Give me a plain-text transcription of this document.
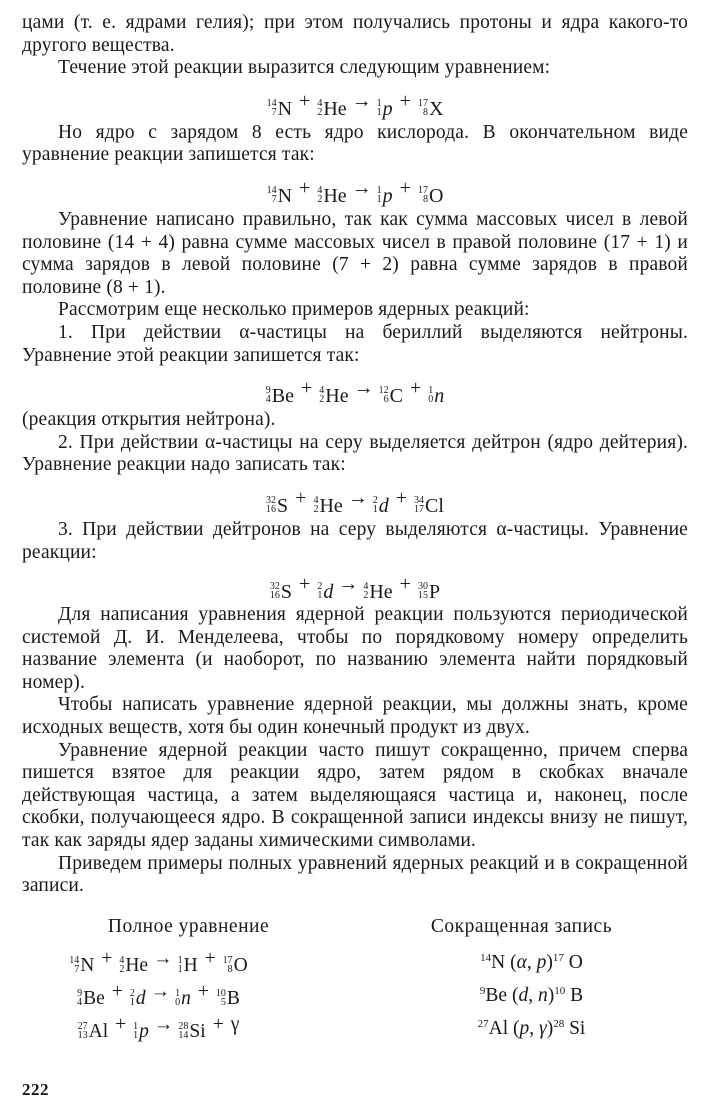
цами (т. е. ядрами гелия); при этом получались протоны и ядра какого-то другого вещества.

Течение этой реакции выразится следующим уравнением:

14
7 N + 4
2 He → 1
1 p + 17
8 X

Но ядро с зарядом 8 есть ядро кислорода. В окончательном виде уравнение реакции запишется так:

14
7 N + 4
2 He → 1
1 p + 17
8 O

Уравнение написано правильно, так как сумма массовых чисел в левой половине (14 + 4) равна сумме массовых чисел в правой половине (17 + 1) и сумма зарядов в левой половине (7 + 2) равна сумме зарядов в правой половине (8 + 1).

Рассмотрим еще несколько примеров ядерных реакций:

1. При действии α-частицы на бериллий выделяются нейтроны. Уравнение этой реакции запишется так:

9
4 Be + 4
2 He → 12
6 C + 1
0 n

(реакция открытия нейтрона).

2. При действии α-частицы на серу выделяется дейтрон (ядро дейтерия). Уравнение реакции надо записать так:

32
16 S + 4
2 He → 2
1 d + 34
17 Cl

3. При действии дейтронов на серу выделяются α-частицы. Уравнение реакции:

32
16 S + 2
1 d → 4
2 He + 30
15 P

Для написания уравнения ядерной реакции пользуются периодической системой Д. И. Менделеева, чтобы по порядковому номеру определить название элемента (и наоборот, по названию элемента найти порядковый номер).

Чтобы написать уравнение ядерной реакции, мы должны знать, кроме исходных веществ, хотя бы один конечный продукт из двух.

Уравнение ядерной реакции часто пишут сокращенно, причем сперва пишется взятое для реакции ядро, затем рядом в скобках вначале действующая частица, а затем выделяющаяся частица и, наконец, после скобки, получающееся ядро. В сокращенной записи индексы внизу не пишут, так как заряды ядер заданы химическими символами.

Приведем примеры полных уравнений ядерных реакций и в сокращенной записи.

Полное уравнение	Сокращенная запись
14
7 N + 4
2 He → 1
1 H + 17
8 O	$^{14}$N (α, p)$^{17}$ O
9
4 Be + 2
1 d → 1
0 n + 10
5 B	$^9$Be (d, n)$^{10}$ B
27
13 Al + 1
1 p → 28
14 Si + γ	$^{27}$Al (p, γ)$^{28}$ Si
222
